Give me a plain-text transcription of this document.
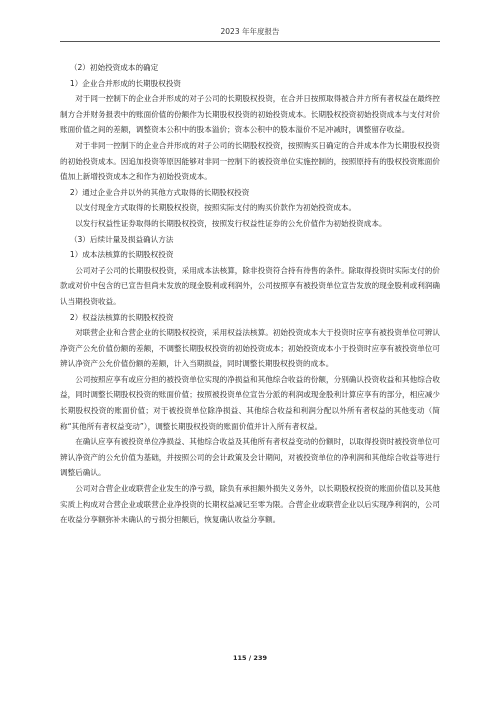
2023 年年度报告

（2）初始投资成本的确定

1）企业合并形成的长期股权投资

对于同一控制下的企业合并形成的对子公司的长期股权投资，在合并日按照取得被合并方所有者权益在最终控制方合并财务报表中的账面价值的份额作为长期股权投资的初始投资成本。长期股权投资初始投资成本与支付对价账面价值之间的差额，调整资本公积中的股本溢价；资本公积中的股本溢价不足冲减时，调整留存收益。

对于非同一控制下的企业合并形成的对子公司的长期股权投资，按照购买日确定的合并成本作为长期股权投资的初始投资成本。因追加投资等原因能够对非同一控制下的被投资单位实施控制的，按照原持有的股权投资账面价值加上新增投资成本之和作为初始投资成本。

2）通过企业合并以外的其他方式取得的长期股权投资

以支付现金方式取得的长期股权投资，按照实际支付的购买价款作为初始投资成本。

以发行权益性证券取得的长期股权投资，按照发行权益性证券的公允价值作为初始投资成本。

（3）后续计量及损益确认方法

1）成本法核算的长期股权投资

公司对子公司的长期股权投资，采用成本法核算，除非投资符合持有待售的条件。除取得投资时实际支付的价款或对价中包含的已宣告但尚未发放的现金股利或利润外，公司按照享有被投资单位宣告发放的现金股利或利润确认当期投资收益。

2）权益法核算的长期股权投资

对联营企业和合营企业的长期股权投资，采用权益法核算。初始投资成本大于投资时应享有被投资单位可辨认净资产公允价值份额的差额，不调整长期股权投资的初始投资成本；初始投资成本小于投资时应享有被投资单位可辨认净资产公允价值份额的差额，计入当期损益，同时调整长期股权投资的成本。

公司按照应享有或应分担的被投资单位实现的净损益和其他综合收益的份额，分别确认投资收益和其他综合收益，同时调整长期股权投资的账面价值；按照被投资单位宣告分派的利润或现金股利计算应享有的部分，相应减少长期股权投资的账面价值；对于被投资单位除净损益、其他综合收益和利润分配以外所有者权益的其他变动（简称“其他所有者权益变动”），调整长期股权投资的账面价值并计入所有者权益。

在确认应享有被投资单位净损益、其他综合收益及其他所有者权益变动的份额时，以取得投资时被投资单位可辨认净资产的公允价值为基础，并按照公司的会计政策及会计期间，对被投资单位的净利润和其他综合收益等进行调整后确认。

公司对合营企业或联营企业发生的净亏损，除负有承担额外损失义务外，以长期股权投资的账面价值以及其他实质上构成对合营企业或联营企业净投资的长期权益减记至零为限。合营企业或联营企业以后实现净利润的，公司在收益分享额弥补未确认的亏损分担额后，恢复确认收益分享额。

115 / 239
